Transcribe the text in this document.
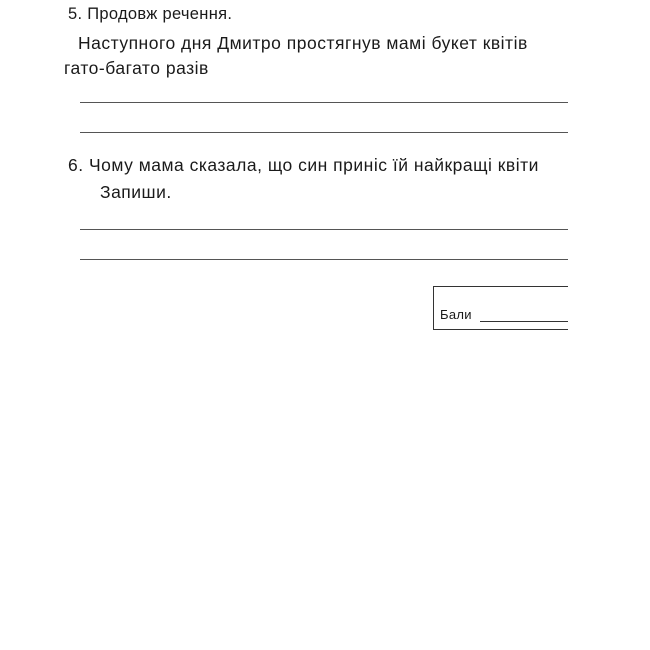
5. Продовж речення.
Наступного дня Дмитро простягнув мамі букет квітів
гато-багато разів
6. Чому мама сказала, що син приніс їй найкращі квіти
Запиши.
Бали
